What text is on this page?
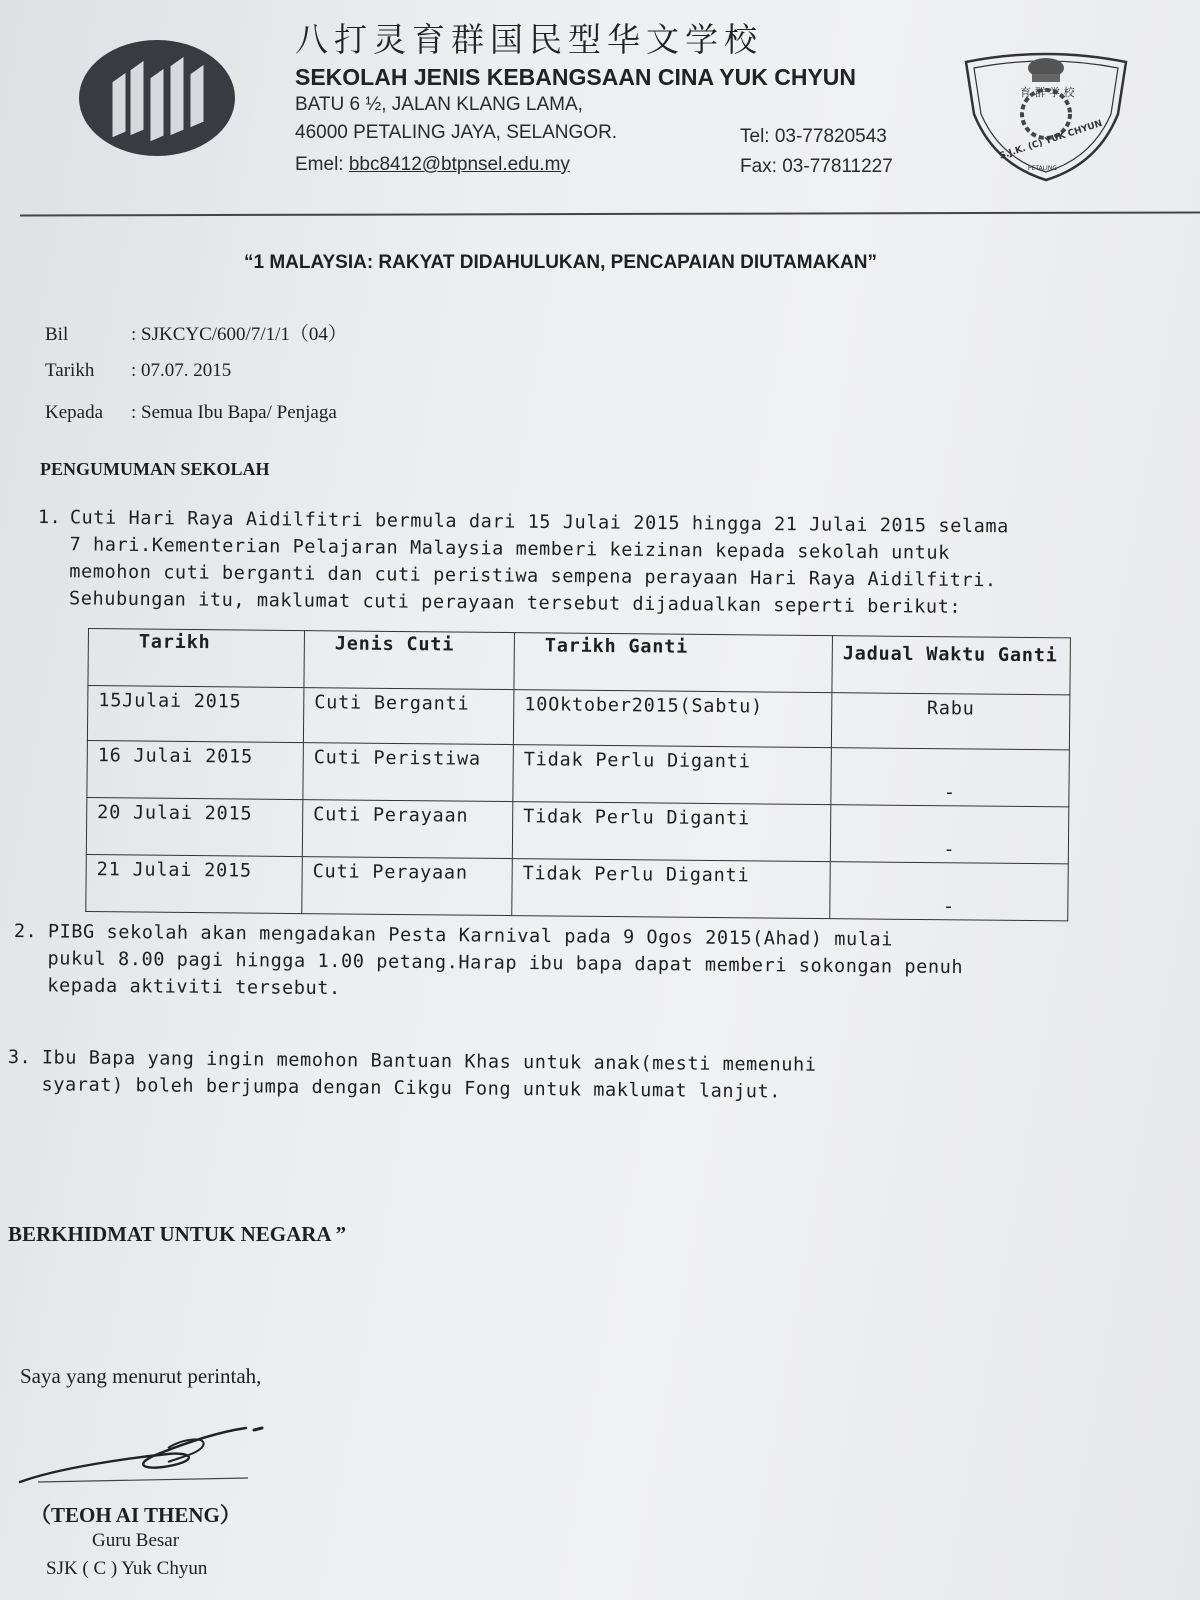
八打灵育群国民型华文学校
SEKOLAH JENIS KEBANGSAAN CINA YUK CHYUN
BATU 6 ½, JALAN KLANG LAMA,
46000 PETALING JAYA, SELANGOR.
Emel: bbc8412@btpnsel.edu.my
Tel: 03-77820543
Fax: 03-77811227
育 群 学 校
S.J.K. (C) YUK CHYUN
PETALING
“1 MALAYSIA: RAKYAT DIDAHULUKAN, PENCAPAIAN DIUTAMAKAN”
Bil	: SJKCYC/600/7/1/1（04）
Tarikh : 07.07. 2015
Kepada : Semua Ibu Bapa/ Penjaga
PENGUMUMAN SEKOLAH
1. Cuti Hari Raya Aidilfitri bermula dari 15 Julai 2015 hingga 21 Julai 2015 selama
7 hari.Kementerian Pelajaran Malaysia memberi keizinan kepada sekolah untuk
memohon cuti berganti dan cuti peristiwa sempena perayaan Hari Raya Aidilfitri.
Sehubungan itu, maklumat cuti perayaan tersebut dijadualkan seperti berikut:
Tarikh	Jenis Cuti	Tarikh Ganti	Jadual Waktu Ganti
15Julai 2015	Cuti Berganti	10Oktober2015(Sabtu)	Rabu
16 Julai 2015	Cuti Peristiwa	Tidak Perlu Diganti	-
20 Julai 2015	Cuti Perayaan	Tidak Perlu Diganti	-
21 Julai 2015	Cuti Perayaan	Tidak Perlu Diganti	-
2. PIBG sekolah akan mengadakan Pesta Karnival pada 9 Ogos 2015(Ahad) mulai
pukul 8.00 pagi hingga 1.00 petang.Harap ibu bapa dapat memberi sokongan penuh
kepada aktiviti tersebut.
3. Ibu Bapa yang ingin memohon Bantuan Khas untuk anak(mesti memenuhi
syarat) boleh berjumpa dengan Cikgu Fong untuk maklumat lanjut.
BERKHIDMAT UNTUK NEGARA ”
Saya yang menurut perintah,
（TEOH AI THENG）
Guru Besar
SJK ( C ) Yuk Chyun
